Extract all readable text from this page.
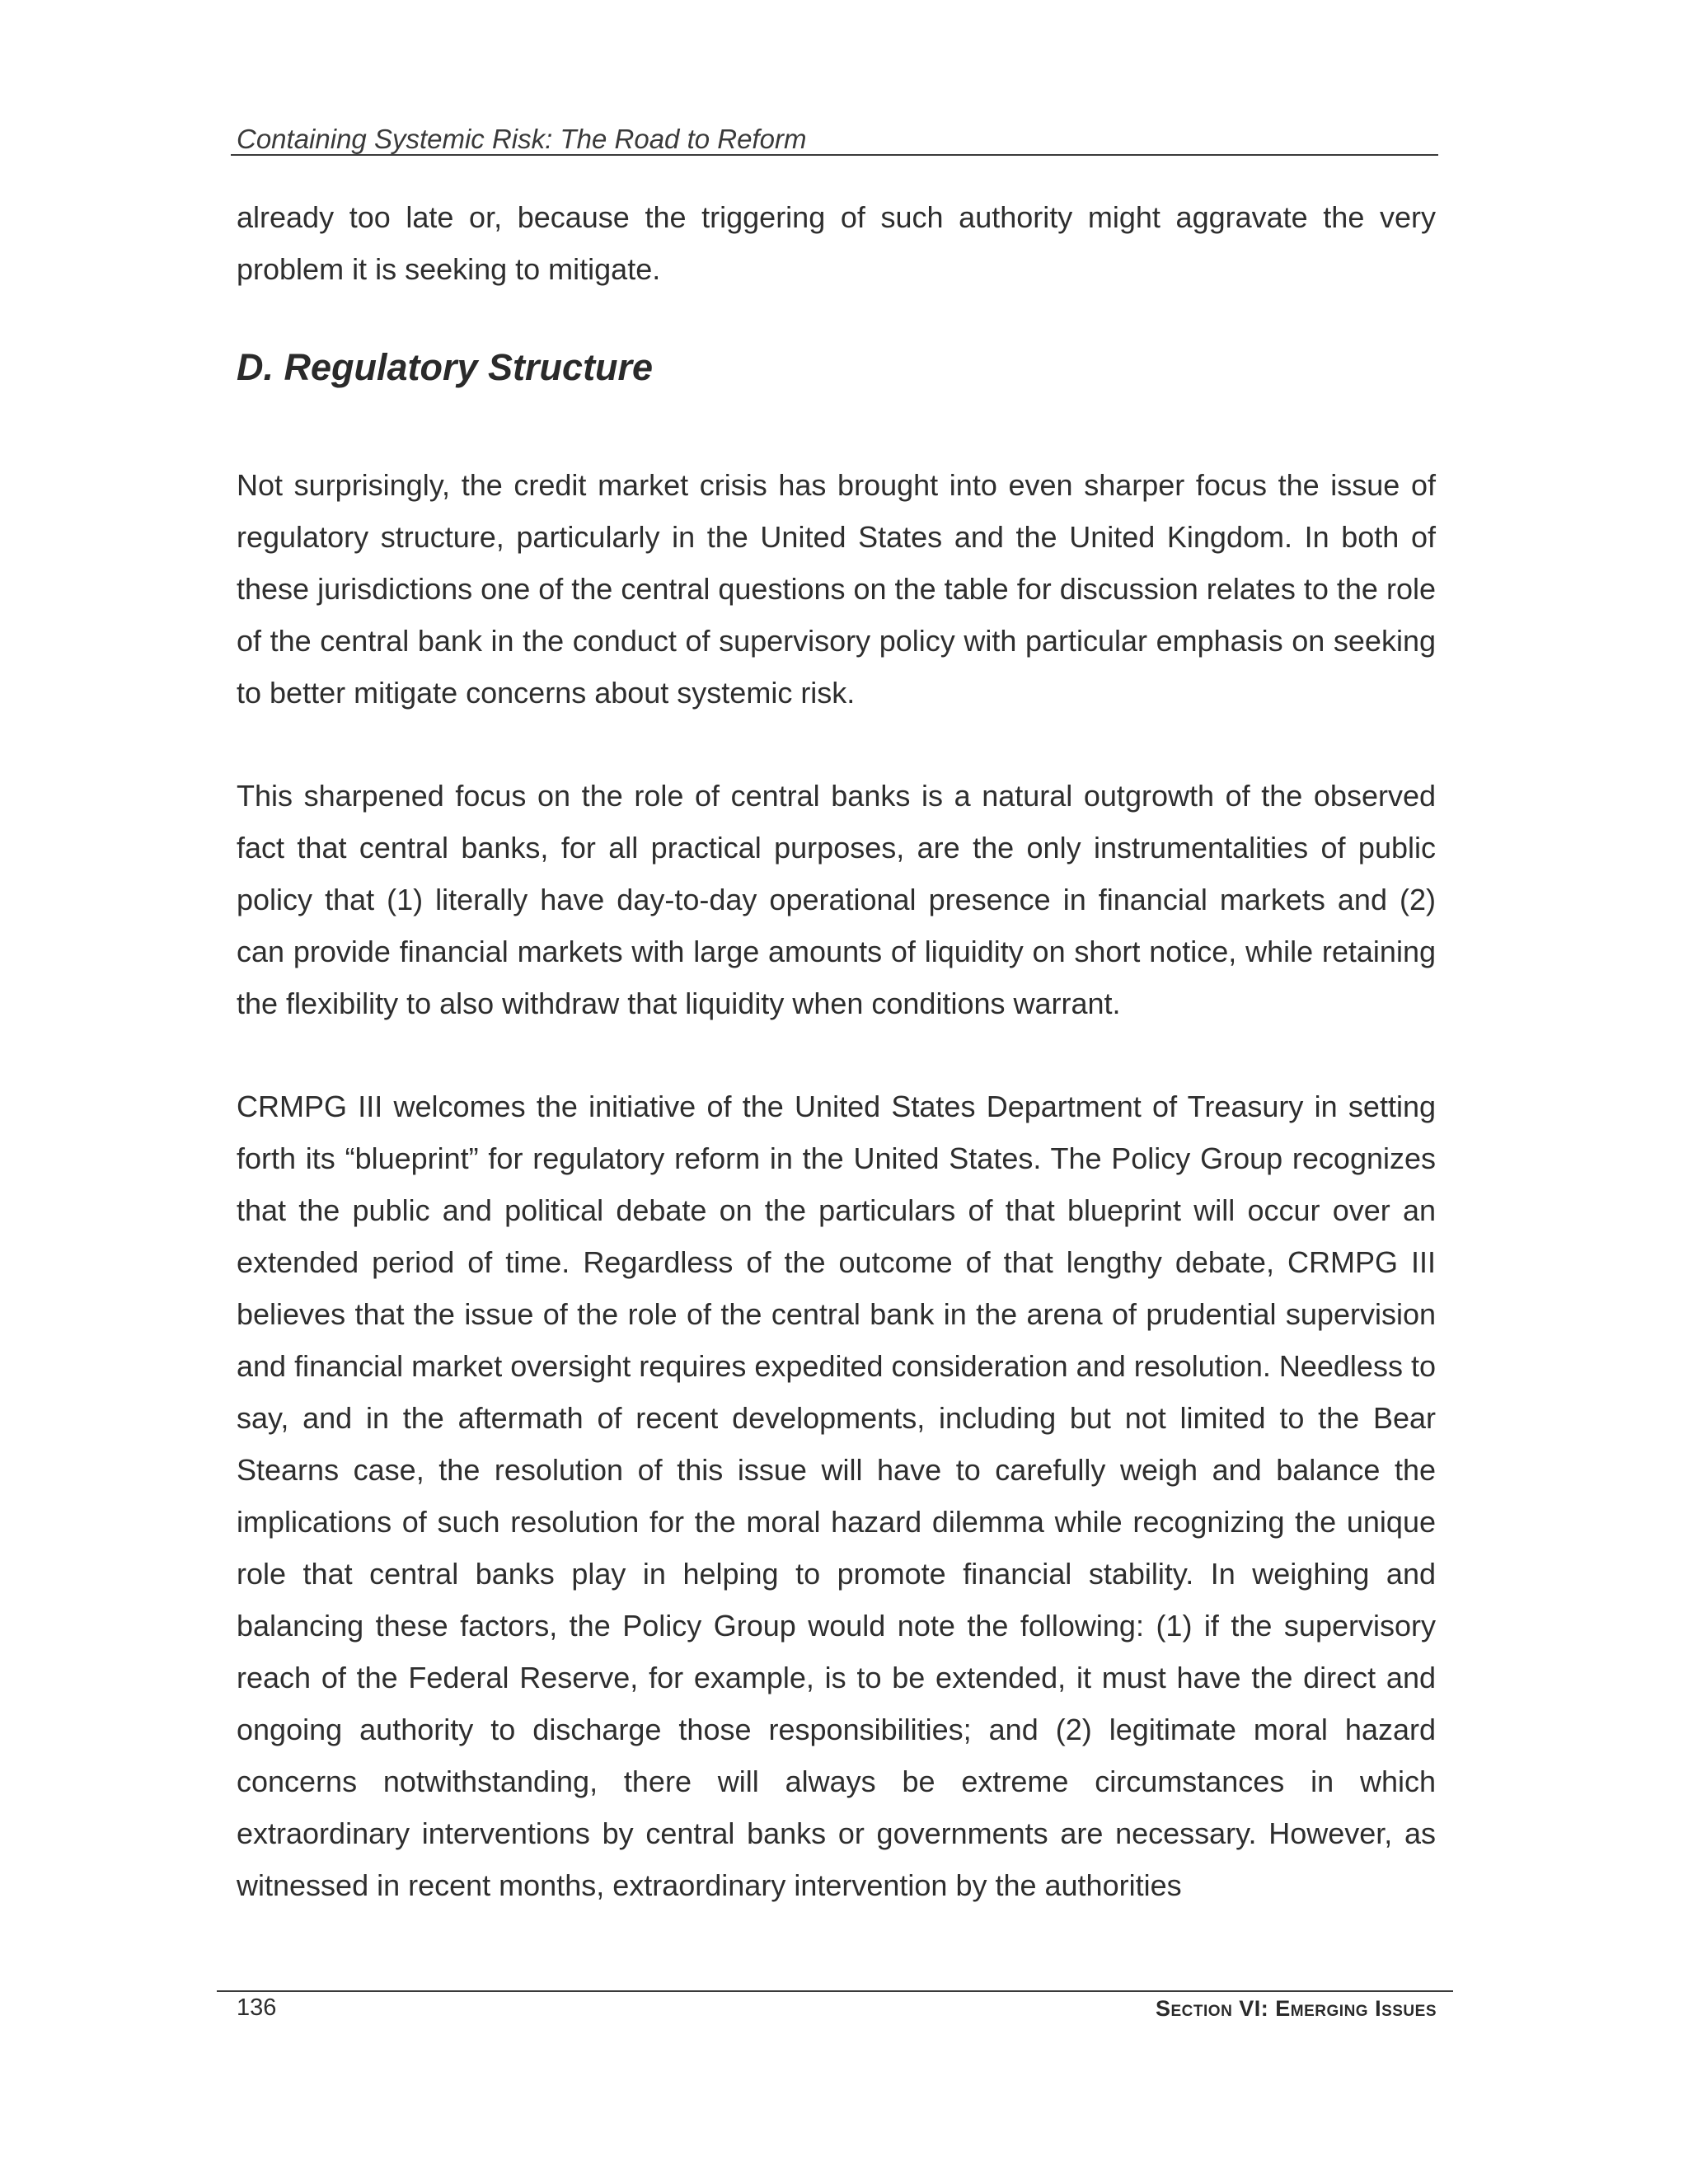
Containing Systemic Risk: The Road to Reform

already too late or, because the triggering of such authority might aggravate the very problem it is seeking to mitigate.

D. Regulatory Structure

Not surprisingly, the credit market crisis has brought into even sharper focus the issue of regulatory structure, particularly in the United States and the United Kingdom. In both of these jurisdictions one of the central questions on the table for discussion relates to the role of the central bank in the conduct of supervisory policy with particular emphasis on seeking to better mitigate concerns about systemic risk.

This sharpened focus on the role of central banks is a natural outgrowth of the observed fact that central banks, for all practical purposes, are the only instrumentalities of public policy that (1) literally have day-to-day operational presence in financial markets and (2) can provide financial markets with large amounts of liquidity on short notice, while retaining the flexibility to also withdraw that liquidity when conditions warrant.

CRMPG III welcomes the initiative of the United States Department of Treasury in setting forth its “blueprint” for regulatory reform in the United States. The Policy Group recognizes that the public and political debate on the particulars of that blueprint will occur over an extended period of time. Regardless of the outcome of that lengthy debate, CRMPG III believes that the issue of the role of the central bank in the arena of prudential supervision and financial market oversight requires expedited consideration and resolution. Needless to say, and in the aftermath of recent developments, including but not limited to the Bear Stearns case, the resolution of this issue will have to carefully weigh and balance the implications of such resolution for the moral hazard dilemma while recognizing the unique role that central banks play in helping to promote financial stability. In weighing and balancing these factors, the Policy Group would note the following: (1) if the supervisory reach of the Federal Reserve, for example, is to be extended, it must have the direct and ongoing authority to discharge those responsibilities; and (2) legitimate moral hazard concerns notwithstanding, there will always be extreme circumstances in which extraordinary interventions by central banks or governments are necessary. However, as witnessed in recent months, extraordinary intervention by the authorities

136	Section VI: Emerging Issues
